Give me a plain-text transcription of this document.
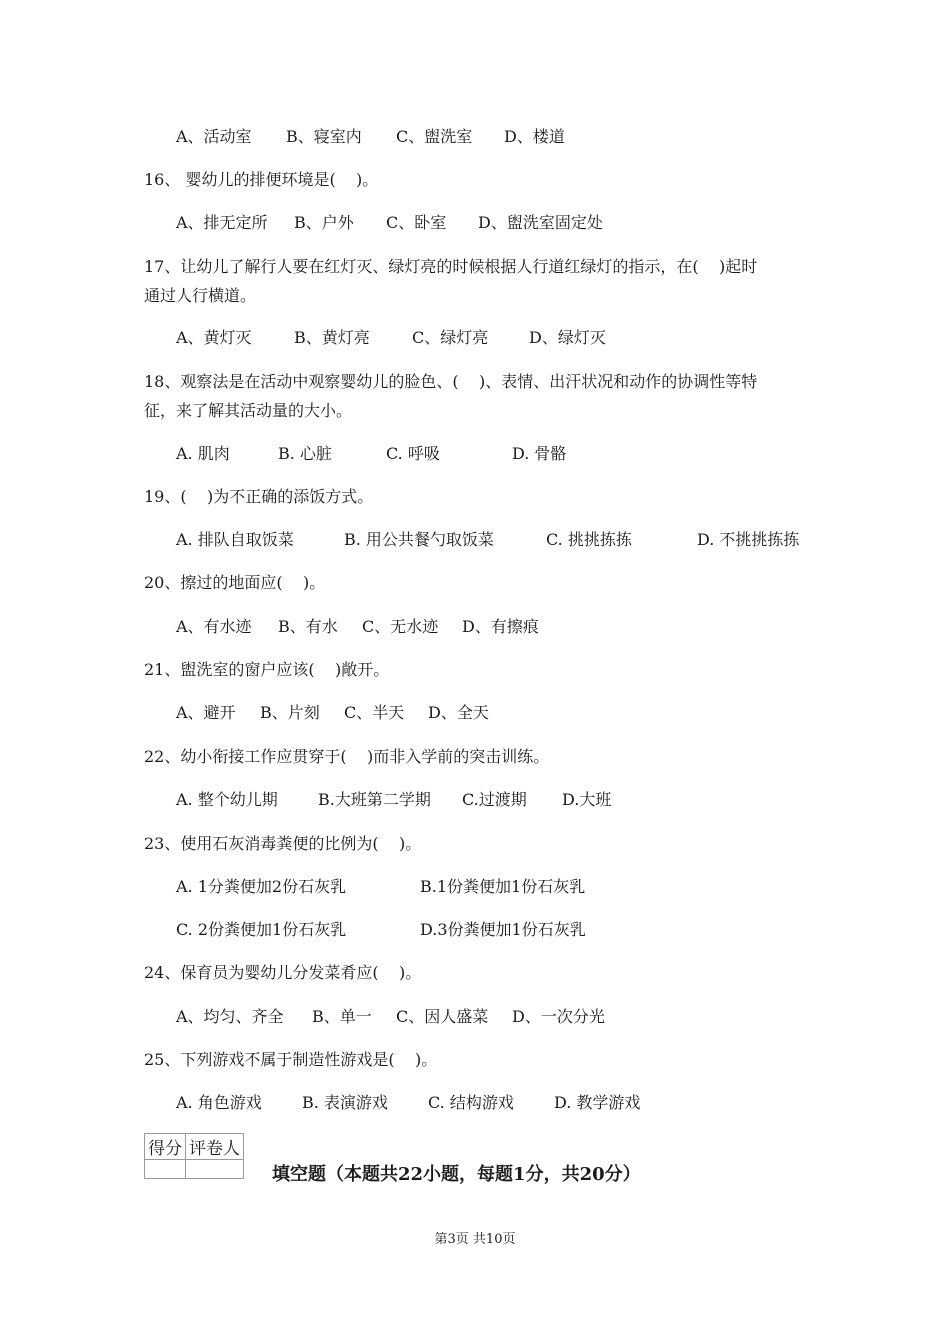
A、活动室

B、寝室内

C、盥洗室

D、楼道

16、 婴幼儿的排便环境是(    )。

A、排无定所

B、户外

C、卧室

D、盥洗室固定处

17、让幼儿了解行人要在红灯灭、绿灯亮的时候根据人行道红绿灯的指示，在(    )起时
通过人行横道。

A、黄灯灭

	B、黄灯亮

	C、绿灯亮

	D、绿灯灭

18、观察法是在活动中观察婴幼儿的脸色、(    )、表情、出汗状况和动作的协调性等特
征，来了解其活动量的大小。

A. 肌肉

	B. 心脏

	C. 呼吸

	D. 骨骼

19、(    )为不正确的添饭方式。

A. 排队自取饭菜

	B. 用公共餐勺取饭菜

	C. 挑挑拣拣

	D. 不挑挑拣拣

20、擦过的地面应(    )。

A、有水迹

B、有水

C、无水迹

D、有擦痕

21、盥洗室的窗户应该(    )敞开。

A、避开

B、片刻

C、半天

D、全天

22、幼小衔接工作应贯穿于(    )而非入学前的突击训练。

A. 整个幼儿期

	B.大班第二学期

C.过渡期

D.大班

23、使用石灰消毒粪便的比例为(    )。

A. 1分粪便加2份石灰乳

	B.1份粪便加1份石灰乳

C. 2份粪便加1份石灰乳

	D.3份粪便加1份石灰乳

24、保育员为婴幼儿分发菜肴应(    )。

A、均匀、齐全

B、单一

C、因人盛菜

D、一次分光

25、下列游戏不属于制造性游戏是(    )。

A. 角色游戏

	B. 表演游戏

	C. 结构游戏

	D. 教学游戏

得分	评卷人

填空题（本题共22小题，每题1分，共20分）
第3页 共10页
